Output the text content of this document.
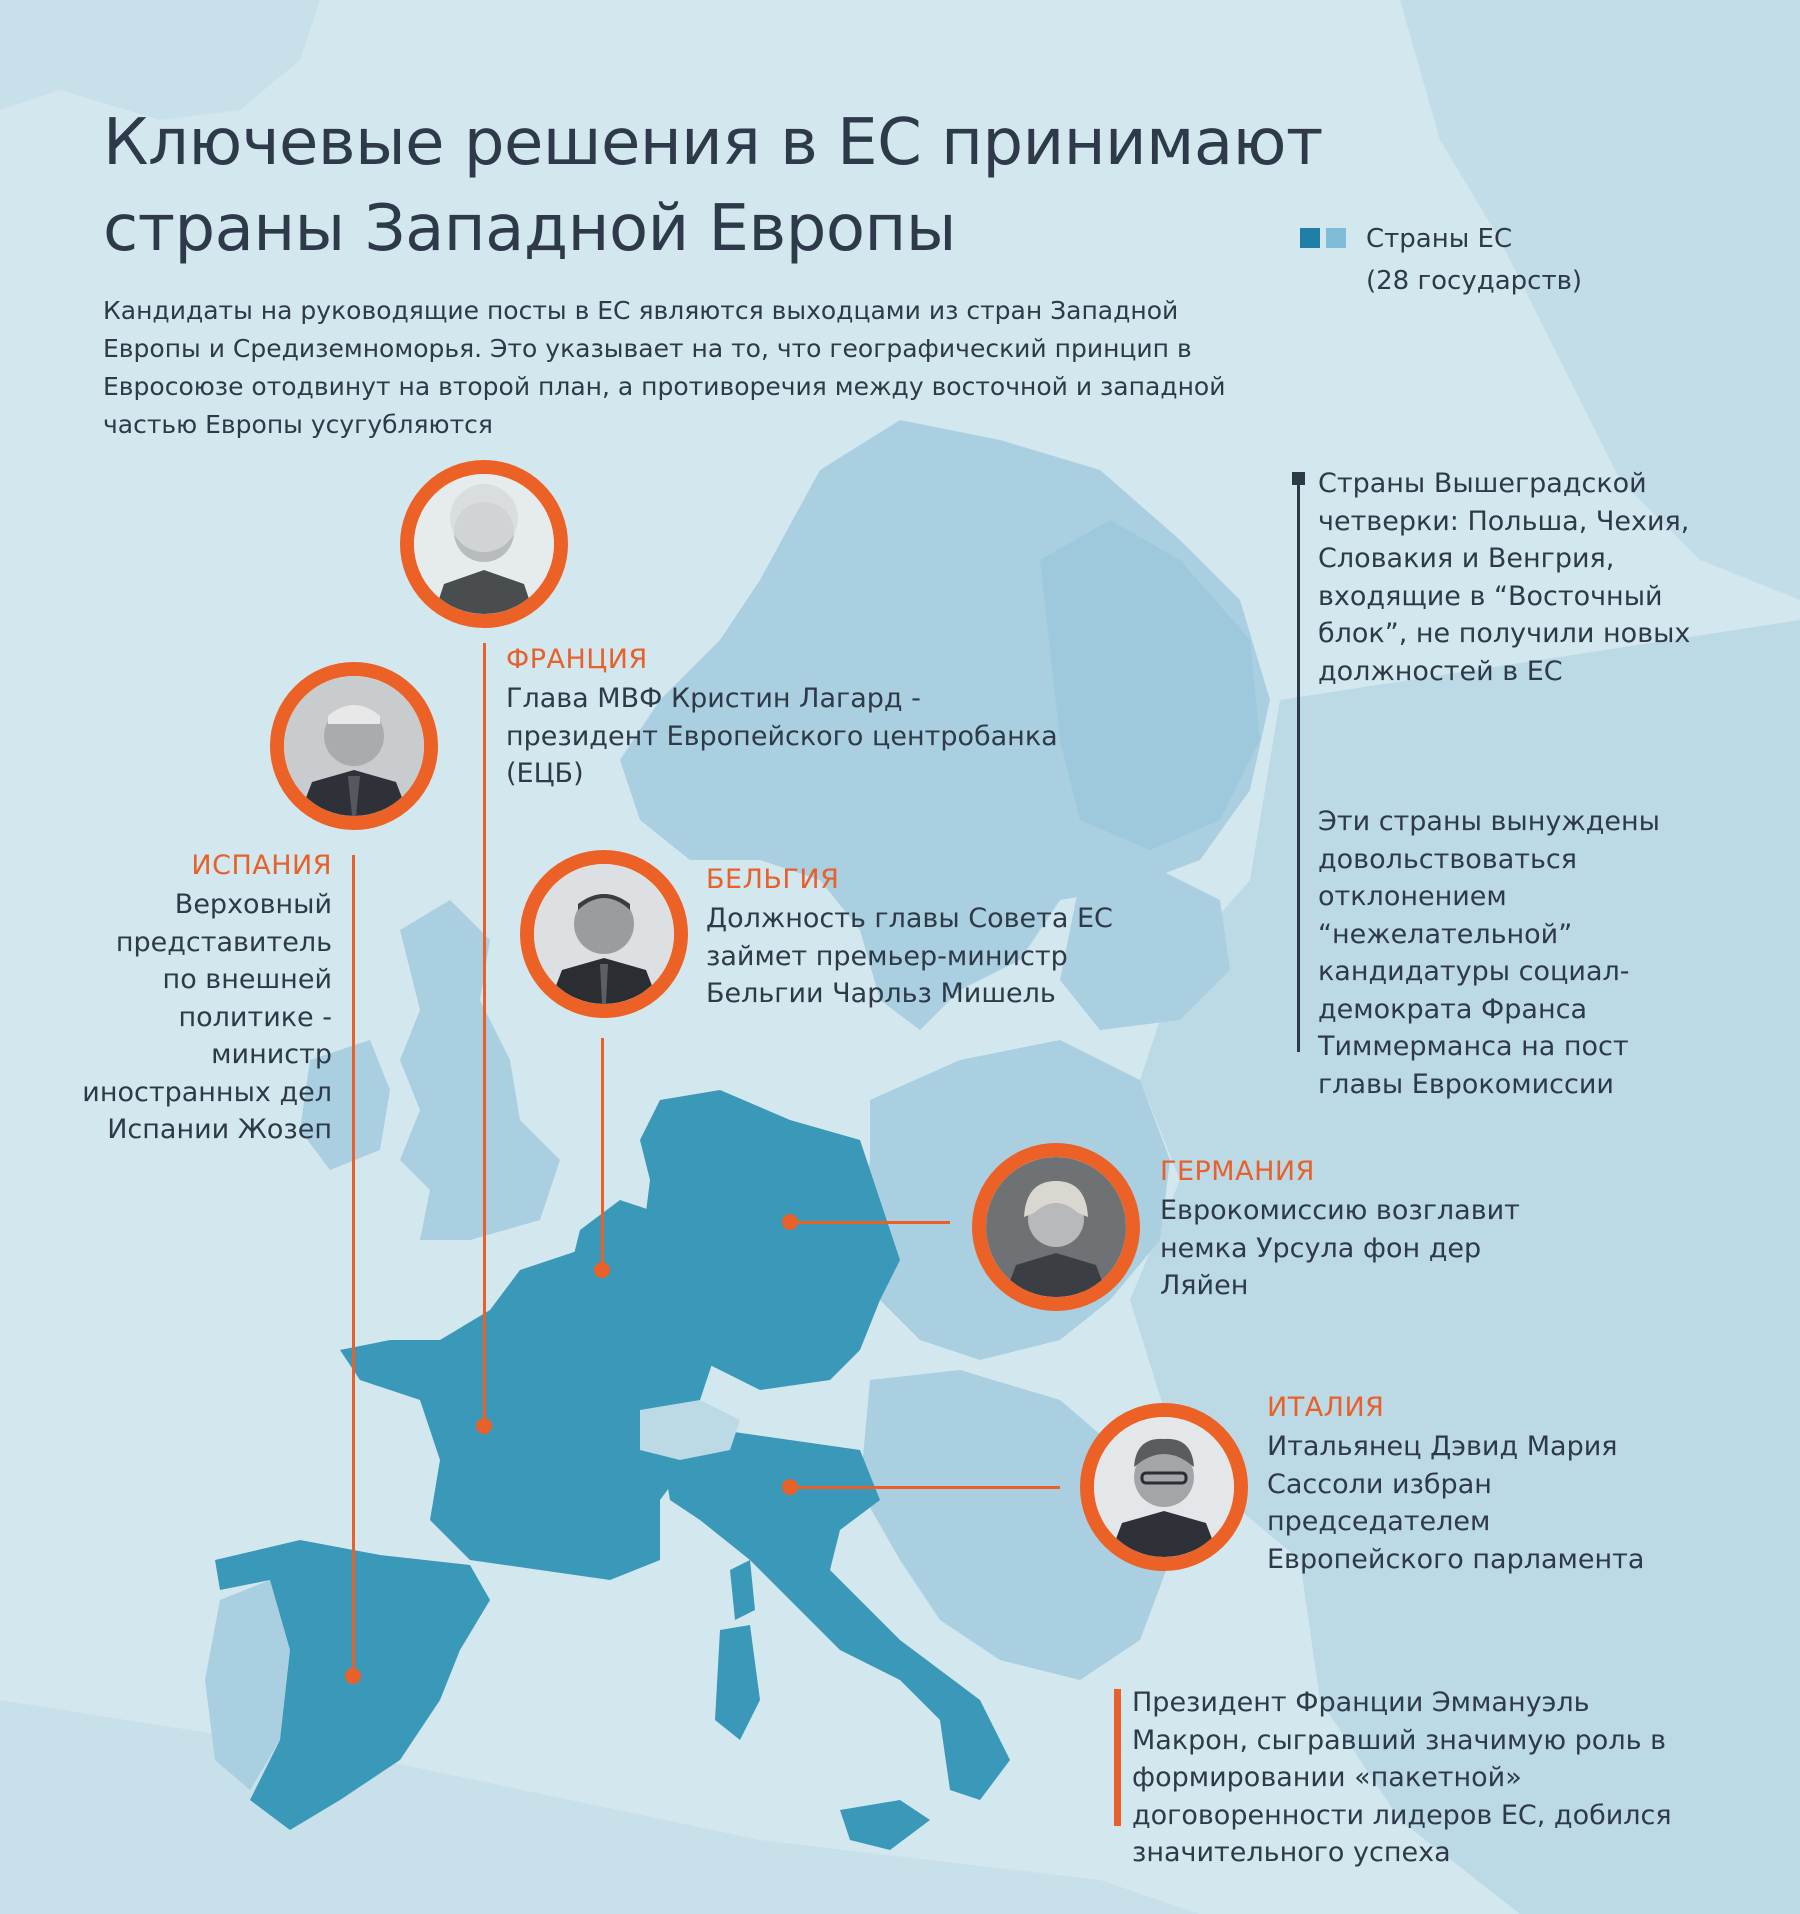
Ключевые решения в ЕС принимают страны Западной Европы
Кандидаты на руководящие посты в ЕС являются выходцами из стран Западной Европы и Средиземноморья. Это указывает на то, что географический принцип в Евросоюзе отодвинут на второй план, а противоречия между восточной и западной частью Европы усугубляются
Страны ЕС
(28 государств)
ФРАНЦИЯ
Глава МВФ Кристин Лагард - президент Европейского центробанка (ЕЦБ)
ИСПАНИЯ
Верховный представитель по внешней политике - министр иностранных дел Испании Жозеп
БЕЛЬГИЯ
Должность главы Совета ЕС займет премьер-министр Бельгии Чарльз Мишель
ГЕРМАНИЯ
Еврокомиссию возглавит немка Урсула фон дер Ляйен
ИТАЛИЯ
Итальянец Дэвид Мария Сассоли избран председателем Европейского парламента
Страны Вышеградской четверки: Польша, Чехия, Словакия и Венгрия, входящие в “Восточный блок”, не получили новых должностей в ЕС
Эти страны вынуждены довольствоваться отклонением “нежелательной” кандидатуры социал-демократа Франса Тиммерманса на пост главы Еврокомиссии
Президент Франции Эммануэль Макрон, сыгравший значимую роль в формировании «пакетной» договоренности лидеров ЕС, добился значительного успеха
